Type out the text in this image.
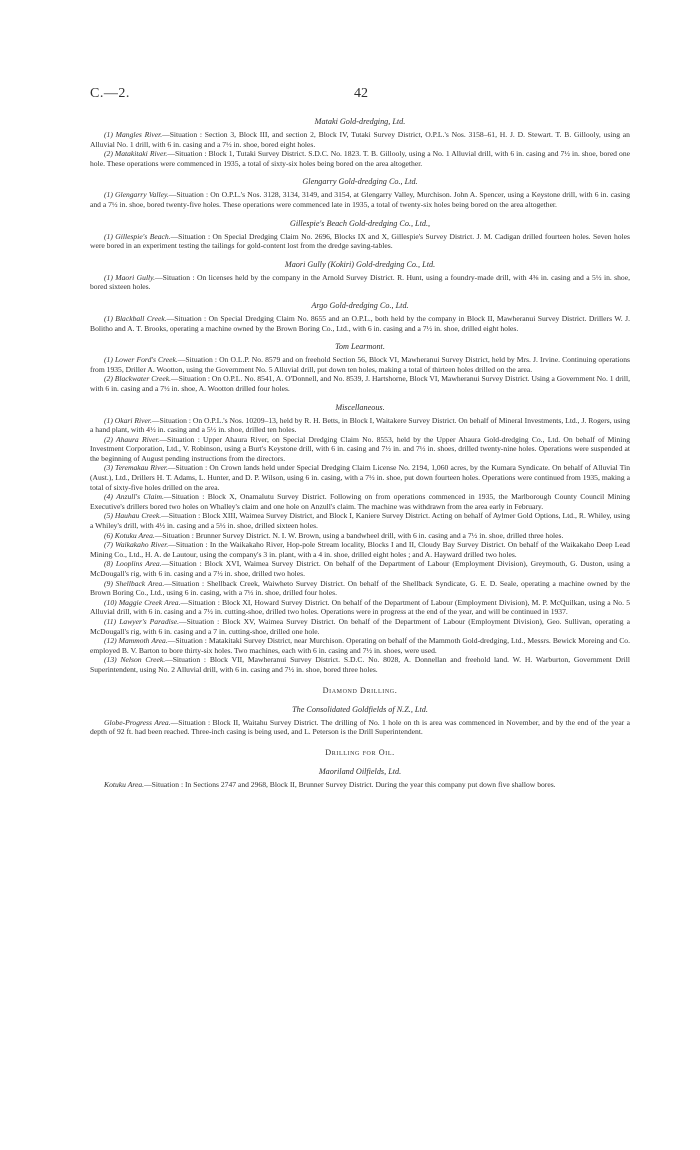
C.—2.	42
Mataki Gold-dredging, Ltd.

(1) Mangles River.—Situation : Section 3, Block III, and section 2, Block IV, Tutaki Survey District, O.P.L.'s Nos. 3158–61, H. J. D. Stewart. T. B. Gillooly, using an Alluvial No. 1 drill, with 6 in. casing and a 7½ in. shoe, bored eight holes.

(2) Matakitaki River.—Situation : Block 1, Tutaki Survey District. S.D.C. No. 1823. T. B. Gillooly, using a No. 1 Alluvial drill, with 6 in. casing and 7½ in. shoe, bored one hole. These operations were commenced in 1935, a total of sixty-six holes being bored on the area altogether.

Glengarry Gold-dredging Co., Ltd.

(1) Glengarry Valley.—Situation : On O.P.L.'s Nos. 3128, 3134, 3149, and 3154, at Glengarry Valley, Murchison. John A. Spencer, using a Keystone drill, with 6 in. casing and a 7½ in. shoe, bored twenty-five holes. These operations were commenced late in 1935, a total of twenty-six holes being bored on the area altogether.

Gillespie's Beach Gold-dredging Co., Ltd.,

(1) Gillespie's Beach.—Situation : On Special Dredging Claim No. 2696, Blocks IX and X, Gillespie's Survey District. J. M. Cadigan drilled fourteen holes. Seven holes were bored in an experiment testing the tailings for gold-content lost from the dredge saving-tables.

Maori Gully (Kokiri) Gold-dredging Co., Ltd.

(1) Maori Gully.—Situation : On licenses held by the company in the Arnold Survey District. R. Hunt, using a foundry-made drill, with 4⅜ in. casing and a 5½ in. shoe, bored sixteen holes.

Argo Gold-dredging Co., Ltd.

(1) Blackball Creek.—Situation : On Special Dredging Claim No. 8655 and an O.P.L., both held by the company in Block II, Mawheranui Survey District. Drillers W. J. Bolitho and A. T. Brooks, operating a machine owned by the Brown Boring Co., Ltd., with 6 in. casing and a 7½ in. shoe, drilled eight holes.

Tom Learmont.

(1) Lower Ford's Creek.—Situation : On O.L.P. No. 8579 and on freehold Section 56, Block VI, Mawheranui Survey District, held by Mrs. J. Irvine. Continuing operations from 1935, Driller A. Wootton, using the Government No. 5 Alluvial drill, put down ten holes, making a total of thirteen holes drilled on the area.

(2) Blackwater Creek.—Situation : On O.P.L. No. 8541, A. O'Donnell, and No. 8539, J. Hartshorne, Block VI, Mawheranui Survey District. Using a Government No. 1 drill, with 6 in. casing and a 7½ in. shoe, A. Wootton drilled four holes.

Miscellaneous.

(1) Okari River.—Situation : On O.P.L.'s Nos. 10209–13, held by R. H. Betts, in Block I, Waitakere Survey District. On behalf of Mineral Investments, Ltd., J. Rogers, using a hand plant, with 4½ in. casing and a 5½ in. shoe, drilled ten holes.

(2) Ahaura River.—Situation : Upper Ahaura River, on Special Dredging Claim No. 8553, held by the Upper Ahaura Gold-dredging Co., Ltd. On behalf of Mining Investment Corporation, Ltd., V. Robinson, using a Burt's Keystone drill, with 6 in. casing and 7½ in. and 7½ in. shoes, drilled twenty-nine holes. Operations were suspended at the beginning of August pending instructions from the directors.

(3) Teremakau River.—Situation : On Crown lands held under Special Dredging Claim License No. 2194, 1,060 acres, by the Kumara Syndicate. On behalf of Alluvial Tin (Aust.), Ltd., Drillers H. T. Adams, L. Hunter, and D. P. Wilson, using 6 in. casing, with a 7½ in. shoe, put down fourteen holes. Operations were continued from 1935, making a total of sixty-five holes drilled on the area.

(4) Anzull's Claim.—Situation : Block X, Onamalutu Survey District. Following on from operations commenced in 1935, the Marlborough County Council Mining Executive's drillers bored two holes on Whalley's claim and one hole on Anzull's claim. The machine was withdrawn from the area early in February.

(5) Hauhau Creek.—Situation : Block XIII, Waimea Survey District, and Block I, Kaniere Survey District. Acting on behalf of Aylmer Gold Options, Ltd., R. Whiley, using a Whiley's drill, with 4½ in. casing and a 5½ in. shoe, drilled sixteen holes.

(6) Kotuku Area.—Situation : Brunner Survey District. N. I. W. Brown, using a bandwheel drill, with 6 in. casing and a 7½ in. shoe, drilled three holes.

(7) Waikakaho River.—Situation : In the Waikakaho River, Hop-pole Stream locality, Blocks I and II, Cloudy Bay Survey District. On behalf of the Waikakaho Deep Lead Mining Co., Ltd., H. A. de Lautour, using the company's 3 in. plant, with a 4 in. shoe, drilled eight holes ; and A. Hayward drilled two holes.

(8) Looplins Area.—Situation : Block XVI, Waimea Survey District. On behalf of the Department of Labour (Employment Division), Greymouth, G. Duston, using a McDougall's rig, with 6 in. casing and a 7½ in. shoe, drilled two holes.

(9) Shellback Area.—Situation : Shellback Creek, Waiwheto Survey District. On behalf of the Shellback Syndicate, G. E. D. Seale, operating a machine owned by the Brown Boring Co., Ltd., using 6 in. casing, with a 7½ in. shoe, drilled four holes.

(10) Maggie Creek Area.—Situation : Block XI, Howard Survey District. On behalf of the Department of Labour (Employment Division), M. P. McQuilkan, using a No. 5 Alluvial drill, with 6 in. casing and a 7½ in. cutting-shoe, drilled two holes. Operations were in progress at the end of the year, and will be continued in 1937.

(11) Lawyer's Paradise.—Situation : Block XV, Waimea Survey District. On behalf of the Department of Labour (Employment Division), Geo. Sullivan, operating a McDougall's rig, with 6 in. casing and a 7 in. cutting-shoe, drilled one hole.

(12) Mammoth Area.—Situation : Matakitaki Survey District, near Murchison. Operating on behalf of the Mammoth Gold-dredging, Ltd., Messrs. Bewick Moreing and Co. employed B. V. Barton to bore thirty-six holes. Two machines, each with 6 in. casing and 7½ in. shoes, were used.

(13) Nelson Creek.—Situation : Block VII, Mawheranui Survey District. S.D.C. No. 8028, A. Donnellan and freehold land. W. H. Warburton, Government Drill Superintendent, using No. 2 Alluvial drill, with 6 in. casing and 7½ in. shoe, bored three holes.

Diamond Drilling.
The Consolidated Goldfields of N.Z., Ltd.

Globe-Progress Area.—Situation : Block II, Waitahu Survey District. The drilling of No. 1 hole on th is area was commenced in November, and by the end of the year a depth of 92 ft. had been reached. Three-inch casing is being used, and L. Peterson is the Drill Superintendent.

Drilling for Oil.
Maoriland Oilfields, Ltd.

Kotuku Area.—Situation : In Sections 2747 and 2968, Block II, Brunner Survey District. During the year this company put down five shallow bores.
